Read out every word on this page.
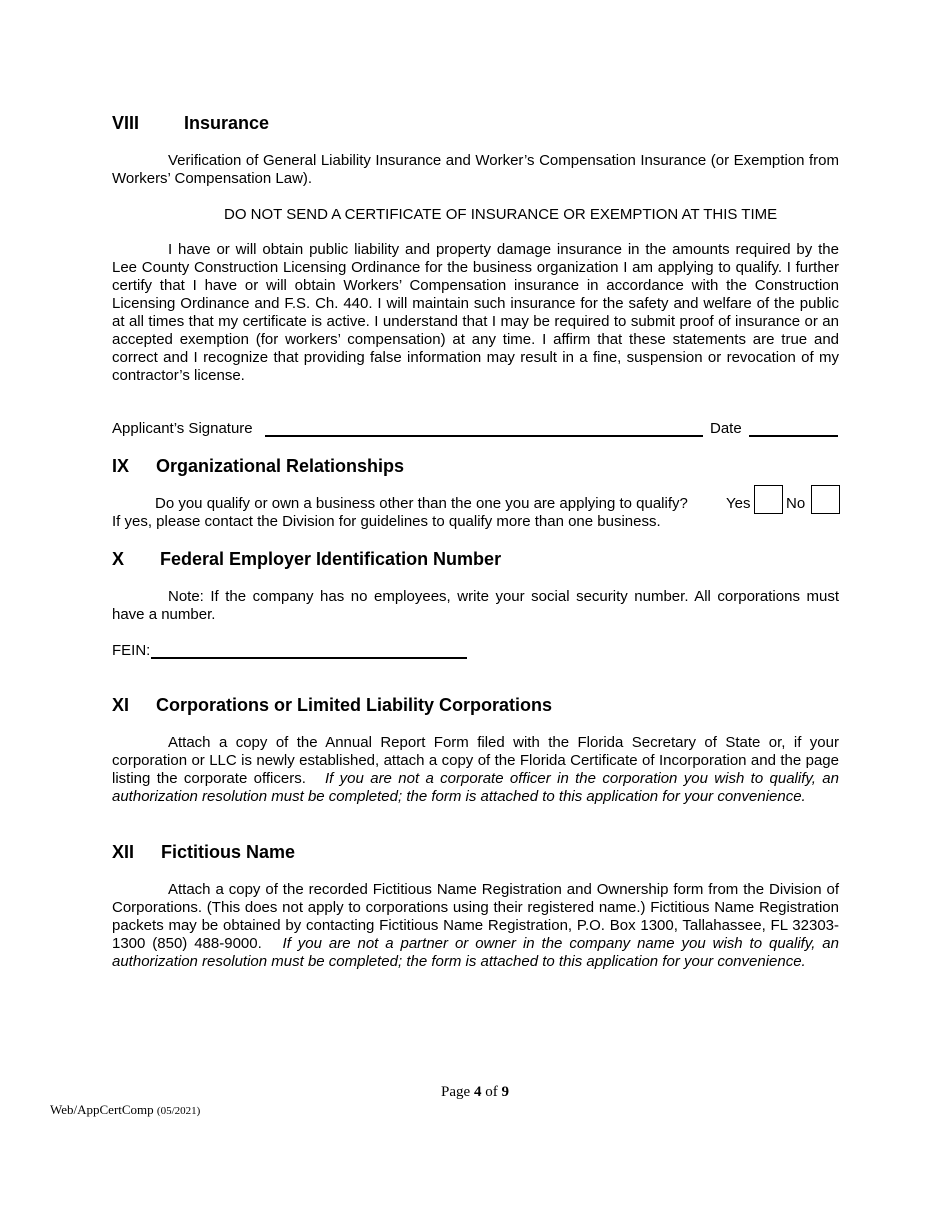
VIII Insurance
Verification of General Liability Insurance and Worker’s Compensation Insurance (or Exemption from Workers’ Compensation Law).
DO NOT SEND A CERTIFICATE OF INSURANCE OR EXEMPTION AT THIS TIME
I have or will obtain public liability and property damage insurance in the amounts required by the Lee County Construction Licensing Ordinance for the business organization I am applying to qualify. I further certify that I have or will obtain Workers’ Compensation insurance in accordance with the Construction Licensing Ordinance and F.S. Ch. 440. I will maintain such insurance for the safety and welfare of the public at all times that my certificate is active. I understand that I may be required to submit proof of insurance or an accepted exemption (for workers’ compensation) at any time. I affirm that these statements are true and correct and I recognize that providing false information may result in a fine, suspension or revocation of my contractor’s license.
Applicant’s Signature	Date
IX Organizational Relationships
Do you qualify or own a business other than the one you are applying to qualify?	Yes No
If yes, please contact the Division for guidelines to qualify more than one business.
X Federal Employer Identification Number
Note: If the company has no employees, write your social security number. All corporations must have a number.
FEIN:
XI Corporations or Limited Liability Corporations
Attach a copy of the Annual Report Form filed with the Florida Secretary of State or, if your corporation or LLC is newly established, attach a copy of the Florida Certificate of Incorporation and the page listing the corporate officers. If you are not a corporate officer in the corporation you wish to qualify, an authorization resolution must be completed; the form is attached to this application for your convenience.
XII Fictitious Name
Attach a copy of the recorded Fictitious Name Registration and Ownership form from the Division of Corporations. (This does not apply to corporations using their registered name.) Fictitious Name Registration packets may be obtained by contacting Fictitious Name Registration, P.O. Box 1300, Tallahassee, FL 32303-1300 (850) 488-9000. If you are not a partner or owner in the company name you wish to qualify, an authorization resolution must be completed; the form is attached to this application for your convenience.
Page 4 of 9
Web/AppCertComp (05/2021)
